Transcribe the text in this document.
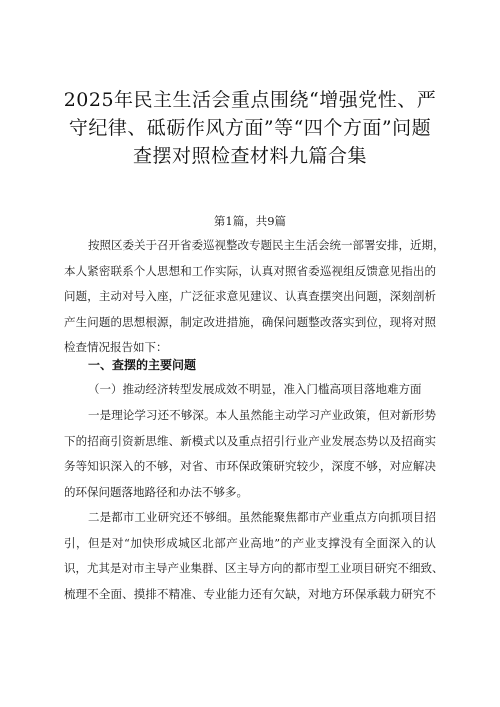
2025年民主生活会重点围绕“增强党性、严
守纪律、砥砺作风方面”等“四个方面”问题
查摆对照检查材料九篇合集
第1篇，共9篇
按照区委关于召开省委巡视整改专题民主生活会统一部署安排，近期，
本人紧密联系个人思想和工作实际，认真对照省委巡视组反馈意见指出的
问题，主动对号入座，广泛征求意见建议、认真查摆突出问题，深刻剖析
产生问题的思想根源，制定改进措施，确保问题整改落实到位，现将对照
检查情况报告如下：
一、查摆的主要问题
（一）推动经济转型发展成效不明显，准入门槛高项目落地难方面
一是理论学习还不够深。本人虽然能主动学习产业政策，但对新形势
下的招商引资新思维、新模式以及重点招引行业产业发展态势以及招商实
务等知识深入的不够，对省、市环保政策研究较少，深度不够，对应解决
的环保问题落地路径和办法不够多。
二是都市工业研究还不够细。虽然能聚焦都市产业重点方向抓项目招
引，但是对“加快形成城区北部产业高地”的产业支撑没有全面深入的认
识，尤其是对市主导产业集群、区主导方向的都市型工业项目研究不细致、
梳理不全面、摸排不精准、专业能力还有欠缺，对地方环保承载力研究不
